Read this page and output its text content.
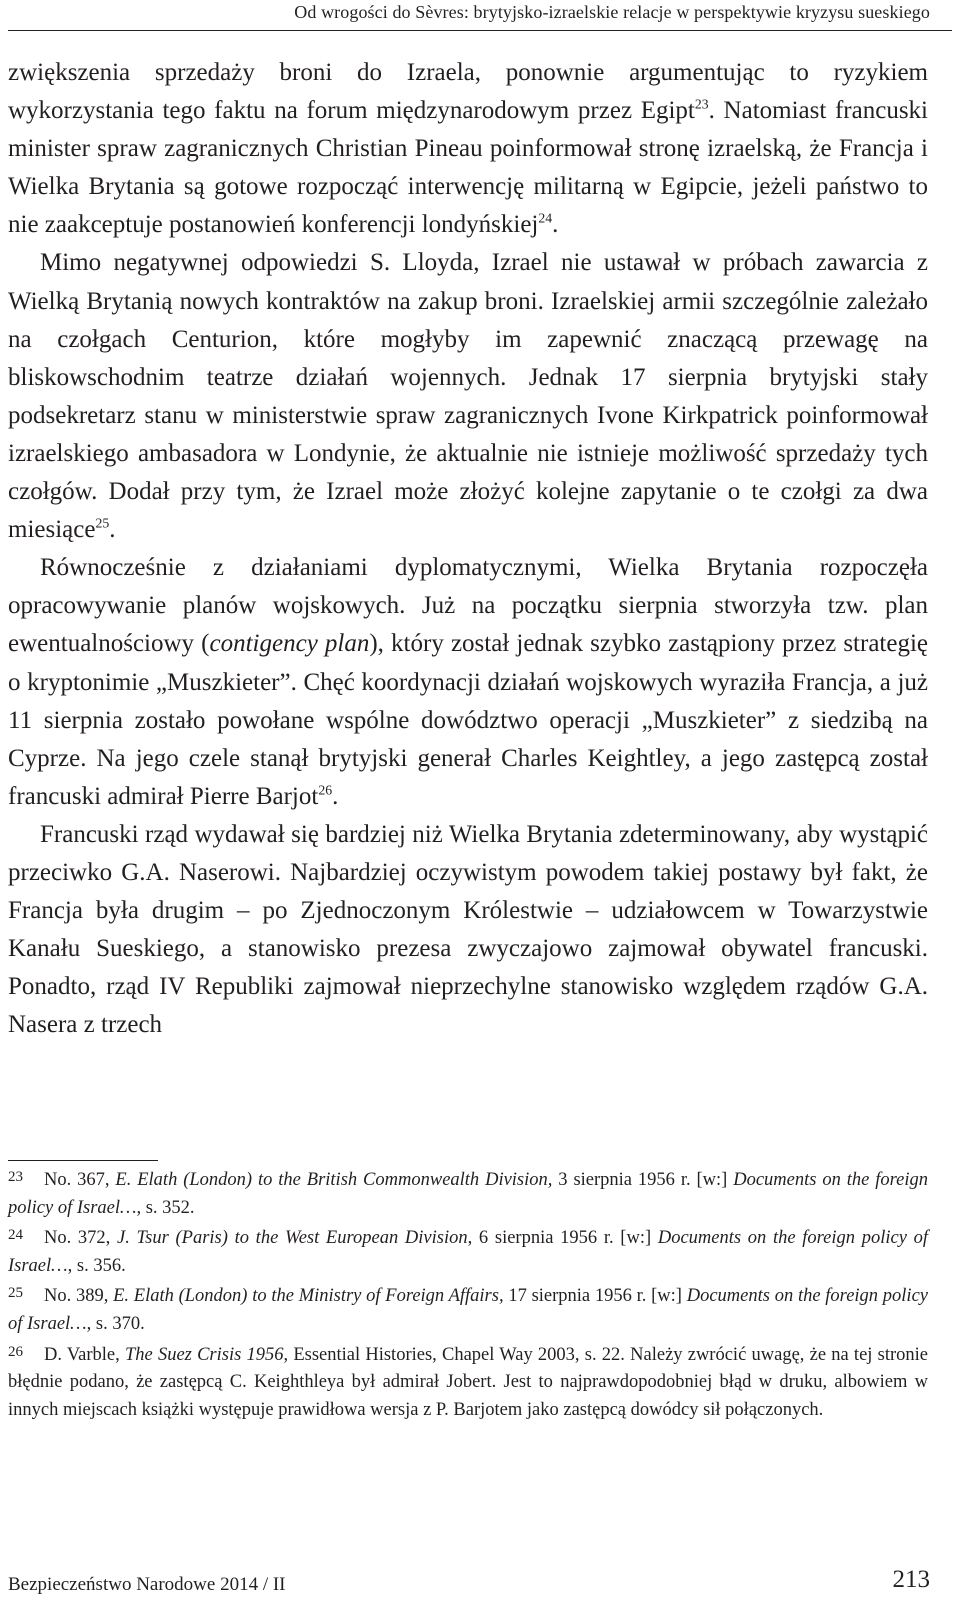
Od wrogości do Sèvres: brytyjsko-izraelskie relacje w perspektywie kryzysu sueskiego

zwiększenia sprzedaży broni do Izraela, ponownie argumentując to ryzykiem wykorzystania tego faktu na forum międzynarodowym przez Egipt$^{23}$. Natomiast francuski minister spraw zagranicznych Christian Pineau poinformował stronę izraelską, że Francja i Wielka Brytania są gotowe rozpocząć interwencję militarną w Egipcie, jeżeli państwo to nie zaakceptuje postanowień konferencji londyńskiej$^{24}$.

Mimo negatywnej odpowiedzi S. Lloyda, Izrael nie ustawał w próbach zawarcia z Wielką Brytanią nowych kontraktów na zakup broni. Izraelskiej armii szczególnie zależało na czołgach Centurion, które mogłyby im zapewnić znaczącą przewagę na bliskowschodnim teatrze działań wojennych. Jednak 17 sierpnia brytyjski stały podsekretarz stanu w ministerstwie spraw zagranicznych Ivone Kirkpatrick poinformował izraelskiego ambasadora w Londynie, że aktualnie nie istnieje możliwość sprzedaży tych czołgów. Dodał przy tym, że Izrael może złożyć kolejne zapytanie o te czołgi za dwa miesiące$^{25}$.

Równocześnie z działaniami dyplomatycznymi, Wielka Brytania rozpoczęła opracowywanie planów wojskowych. Już na początku sierpnia stworzyła tzw. plan ewentualnościowy (contigency plan), który został jednak szybko zastąpiony przez strategię o kryptonimie „Muszkieter”. Chęć koordynacji działań wojskowych wyraziła Francja, a już 11 sierpnia zostało powołane wspólne dowództwo operacji „Muszkieter” z siedzibą na Cyprze. Na jego czele stanął brytyjski generał Charles Keightley, a jego zastępcą został francuski admirał Pierre Barjot$^{26}$.

Francuski rząd wydawał się bardziej niż Wielka Brytania zdeterminowany, aby wystąpić przeciwko G.A. Naserowi. Najbardziej oczywistym powodem takiej postawy był fakt, że Francja była drugim – po Zjednoczonym Królestwie – udziałowcem w Towarzystwie Kanału Sueskiego, a stanowisko prezesa zwyczajowo zajmował obywatel francuski. Ponadto, rząd IV Republiki zajmował nieprzechylne stanowisko względem rządów G.A. Nasera z trzech

23 No. 367, E. Elath (London) to the British Commonwealth Division, 3 sierpnia 1956 r. [w:] Documents on the foreign policy of Israel…, s. 352.

24 No. 372, J. Tsur (Paris) to the West European Division, 6 sierpnia 1956 r. [w:] Documents on the foreign policy of Israel…, s. 356.

25 No. 389, E. Elath (London) to the Ministry of Foreign Affairs, 17 sierpnia 1956 r. [w:] Documents on the foreign policy of Israel…, s. 370.

26 D. Varble, The Suez Crisis 1956, Essential Histories, Chapel Way 2003, s. 22. Należy zwrócić uwagę, że na tej stronie błędnie podano, że zastępcą C. Keighthleya był admirał Jobert. Jest to najprawdopodobniej błąd w druku, albowiem w innych miejscach książki występuje prawidłowa wersja z P. Barjotem jako zastępcą dowódcy sił połączonych.

Bezpieczeństwo Narodowe 2014 / II	213
